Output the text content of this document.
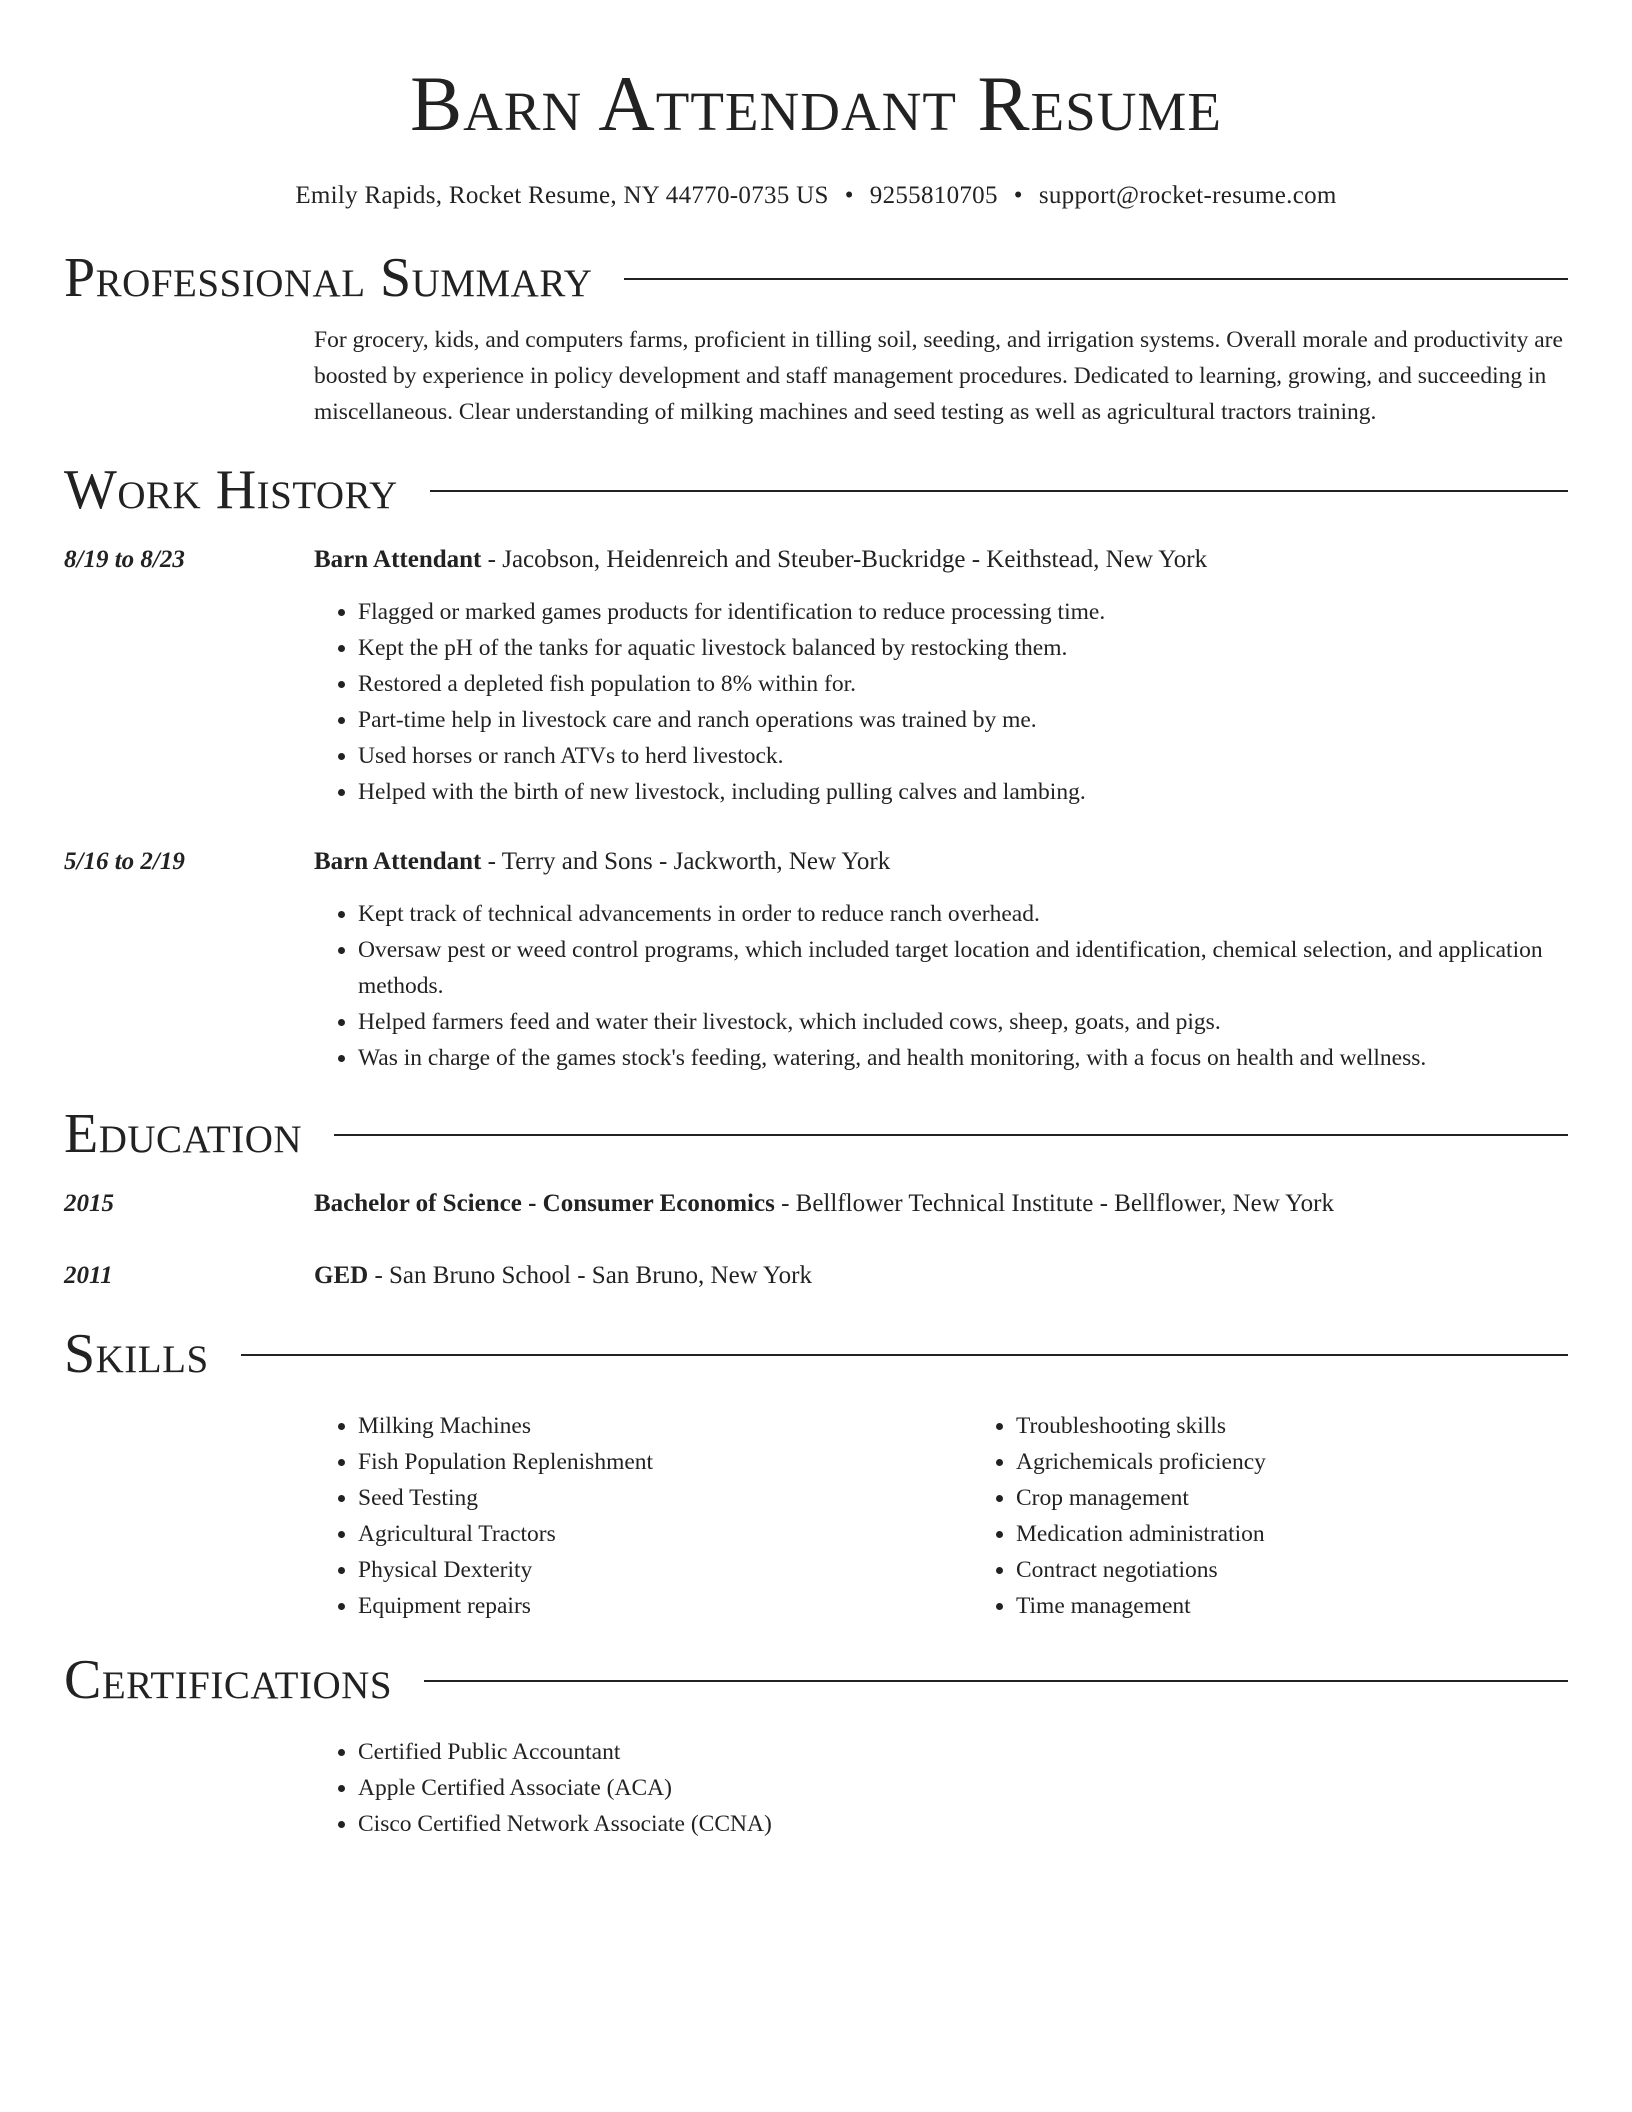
Barn Attendant Resume
Emily Rapids, Rocket Resume, NY 44770-0735 US • 9255810705 • support@rocket-resume.com
Professional Summary
For grocery, kids, and computers farms, proficient in tilling soil, seeding, and irrigation systems. Overall morale and productivity are boosted by experience in policy development and staff management procedures. Dedicated to learning, growing, and succeeding in miscellaneous. Clear understanding of milking machines and seed testing as well as agricultural tractors training.
Work History
8/19 to 8/23	Barn Attendant - Jacobson, Heidenreich and Steuber-Buckridge - Keithstead, New York
• Flagged or marked games products for identification to reduce processing time.
• Kept the pH of the tanks for aquatic livestock balanced by restocking them.
• Restored a depleted fish population to 8% within for.
• Part-time help in livestock care and ranch operations was trained by me.
• Used horses or ranch ATVs to herd livestock.
• Helped with the birth of new livestock, including pulling calves and lambing.
5/16 to 2/19	Barn Attendant - Terry and Sons - Jackworth, New York
• Kept track of technical advancements in order to reduce ranch overhead.
• Oversaw pest or weed control programs, which included target location and identification, chemical selection, and application methods.
• Helped farmers feed and water their livestock, which included cows, sheep, goats, and pigs.
• Was in charge of the games stock's feeding, watering, and health monitoring, with a focus on health and wellness.
Education
2015	Bachelor of Science - Consumer Economics - Bellflower Technical Institute - Bellflower, New York
2011	GED - San Bruno School - San Bruno, New York
Skills
• Milking Machines
• Fish Population Replenishment
• Seed Testing
• Agricultural Tractors
• Physical Dexterity
• Equipment repairs
• Troubleshooting skills
• Agrichemicals proficiency
• Crop management
• Medication administration
• Contract negotiations
• Time management
Certifications
• Certified Public Accountant
• Apple Certified Associate (ACA)
• Cisco Certified Network Associate (CCNA)
